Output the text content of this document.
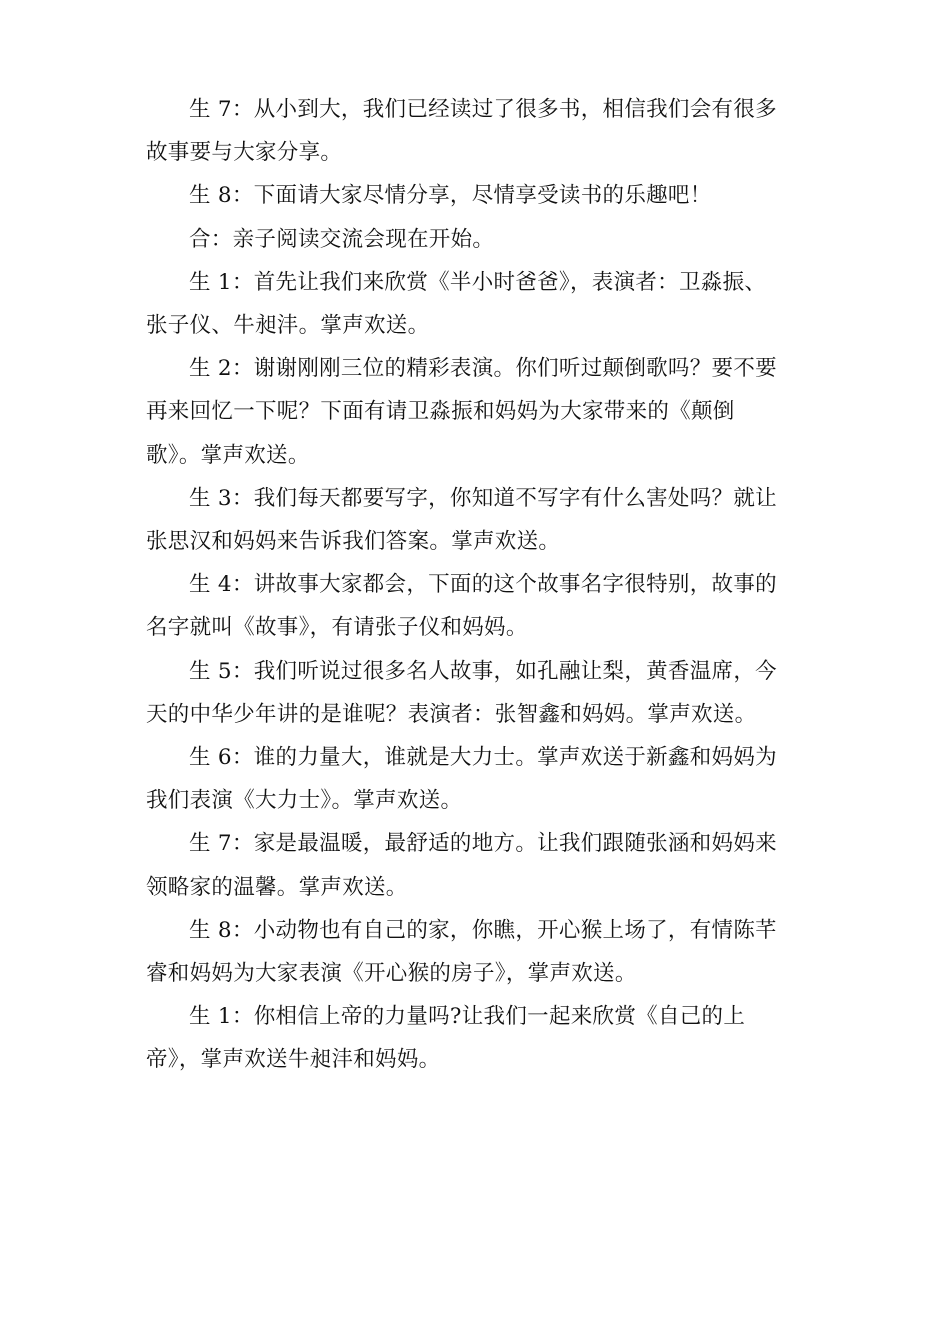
生 7：从小到大，我们已经读过了很多书，相信我们会有很多
故事要与大家分享。

生 8：下面请大家尽情分享，尽情享受读书的乐趣吧！

合：亲子阅读交流会现在开始。

生 1：首先让我们来欣赏《半小时爸爸》，表演者：卫淼振、
张子仪、牛昶沣。掌声欢送。

生 2：谢谢刚刚三位的精彩表演。你们听过颠倒歌吗？要不要
再来回忆一下呢？下面有请卫淼振和妈妈为大家带来的《颠倒
歌》。掌声欢送。

生 3：我们每天都要写字，你知道不写字有什么害处吗？就让
张思汉和妈妈来告诉我们答案。掌声欢送。

生 4：讲故事大家都会，下面的这个故事名字很特别，故事的
名字就叫《故事》，有请张子仪和妈妈。

生 5：我们听说过很多名人故事，如孔融让梨，黄香温席，今
天的中华少年讲的是谁呢？表演者：张智鑫和妈妈。掌声欢送。

生 6：谁的力量大，谁就是大力士。掌声欢送于新鑫和妈妈为
我们表演《大力士》。掌声欢送。

生 7：家是最温暖，最舒适的地方。让我们跟随张涵和妈妈来
领略家的温馨。掌声欢送。

生 8：小动物也有自己的家，你瞧，开心猴上场了，有情陈芊
睿和妈妈为大家表演《开心猴的房子》，掌声欢送。

生 1：你相信上帝的力量吗?让我们一起来欣赏《自己的上
帝》，掌声欢送牛昶沣和妈妈。
